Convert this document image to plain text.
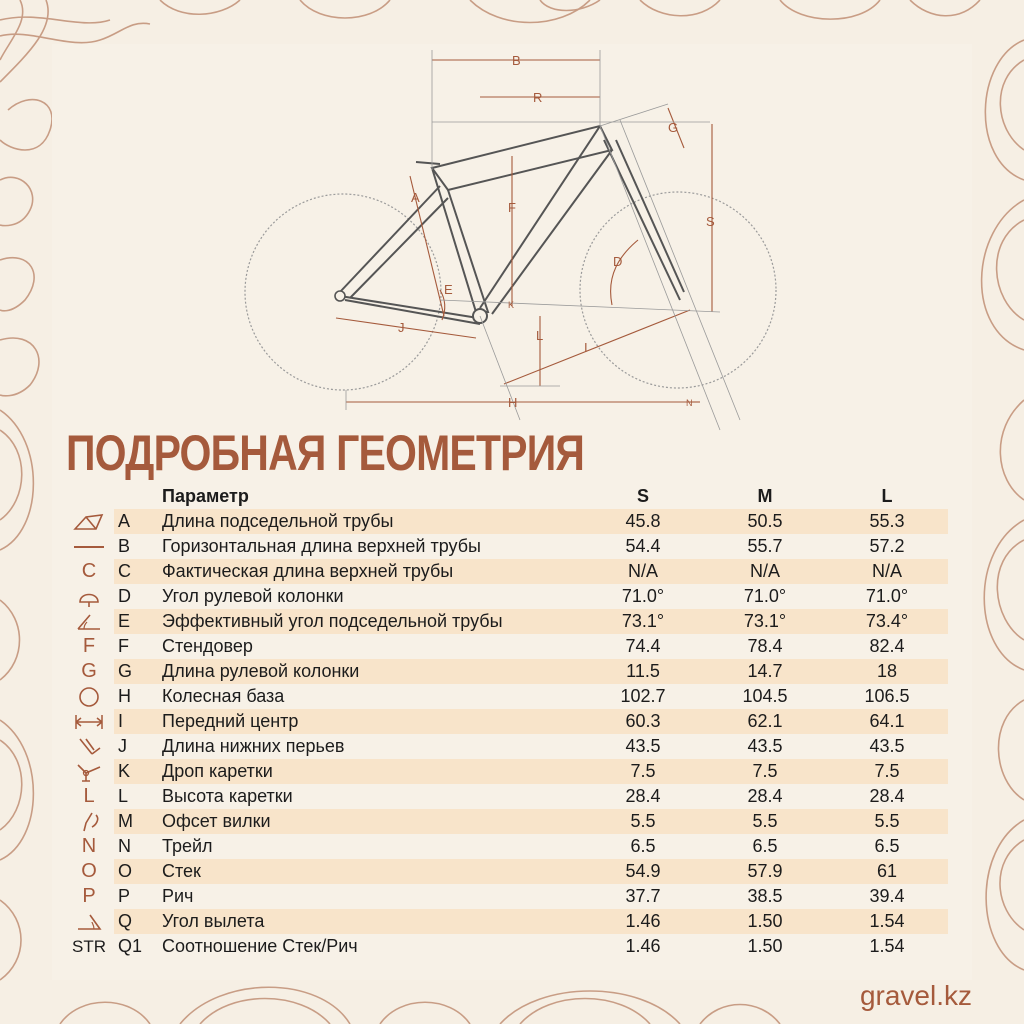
B
R
G
A
F
S
D
E
J
K
L
I
H	N
ПОДРОБНАЯ ГЕОМЕТРИЯ
		Параметр	S	M	L
	A	Длина подседельной трубы	45.8	50.5	55.3
	B	Горизонтальная длина верхней трубы	54.4	55.7	57.2
C	C	Фактическая длина верхней трубы	N/A	N/A	N/A
	D	Угол рулевой колонки	71.0°	71.0°	71.0°
	E	Эффективный угол подседельной трубы	73.1°	73.1°	73.4°
F	F	Стендовер	74.4	78.4	82.4
G	G	Длина рулевой колонки	11.5	14.7	18
	H	Колесная база	102.7	104.5	106.5
	I	Передний центр	60.3	62.1	64.1
	J	Длина нижних перьев	43.5	43.5	43.5
	K	Дроп каретки	7.5	7.5	7.5
L	L	Высота каретки	28.4	28.4	28.4
	M	Офсет вилки	5.5	5.5	5.5
N	N	Трейл	6.5	6.5	6.5
O	O	Стек	54.9	57.9	61
P	P	Рич	37.7	38.5	39.4
	Q	Угол вылета	1.46	1.50	1.54
STR	Q1	Соотношение Стек/Рич	1.46	1.50	1.54
gravel.kz
